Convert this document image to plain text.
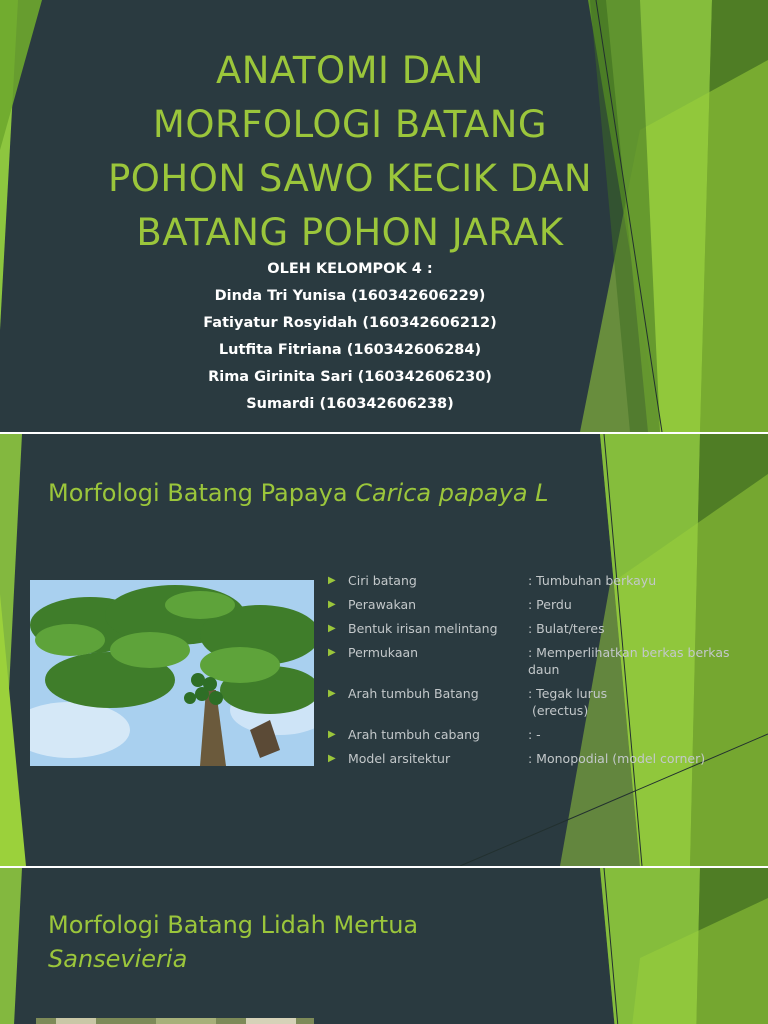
ANATOMI DAN
MORFOLOGI BATANG
POHON SAWO KECIK DAN
BATANG POHON JARAK
OLEH KELOMPOK 4 :
Dinda Tri Yunisa (160342606229)
Fatiyatur Rosyidah (160342606212)
Lutfita Fitriana (160342606284)
Rima Girinita Sari (160342606230)
Sumardi (160342606238)
Morfologi Batang Papaya Carica papaya L
▶ Ciri batang	: Tumbuhan berkayu
▶ Perawakan	: Perdu
▶ Bentuk irisan melintang	: Bulat/teres
▶ Permukaan	: Memperlihatkan berkas berkas daun
▶ Arah tumbuh Batang	: Tegak lurus
(erectus)
▶ Arah tumbuh cabang	: -
▶ Model arsitektur	: Monopodial (model corner)
Morfologi Batang Lidah Mertua
Sansevieria
